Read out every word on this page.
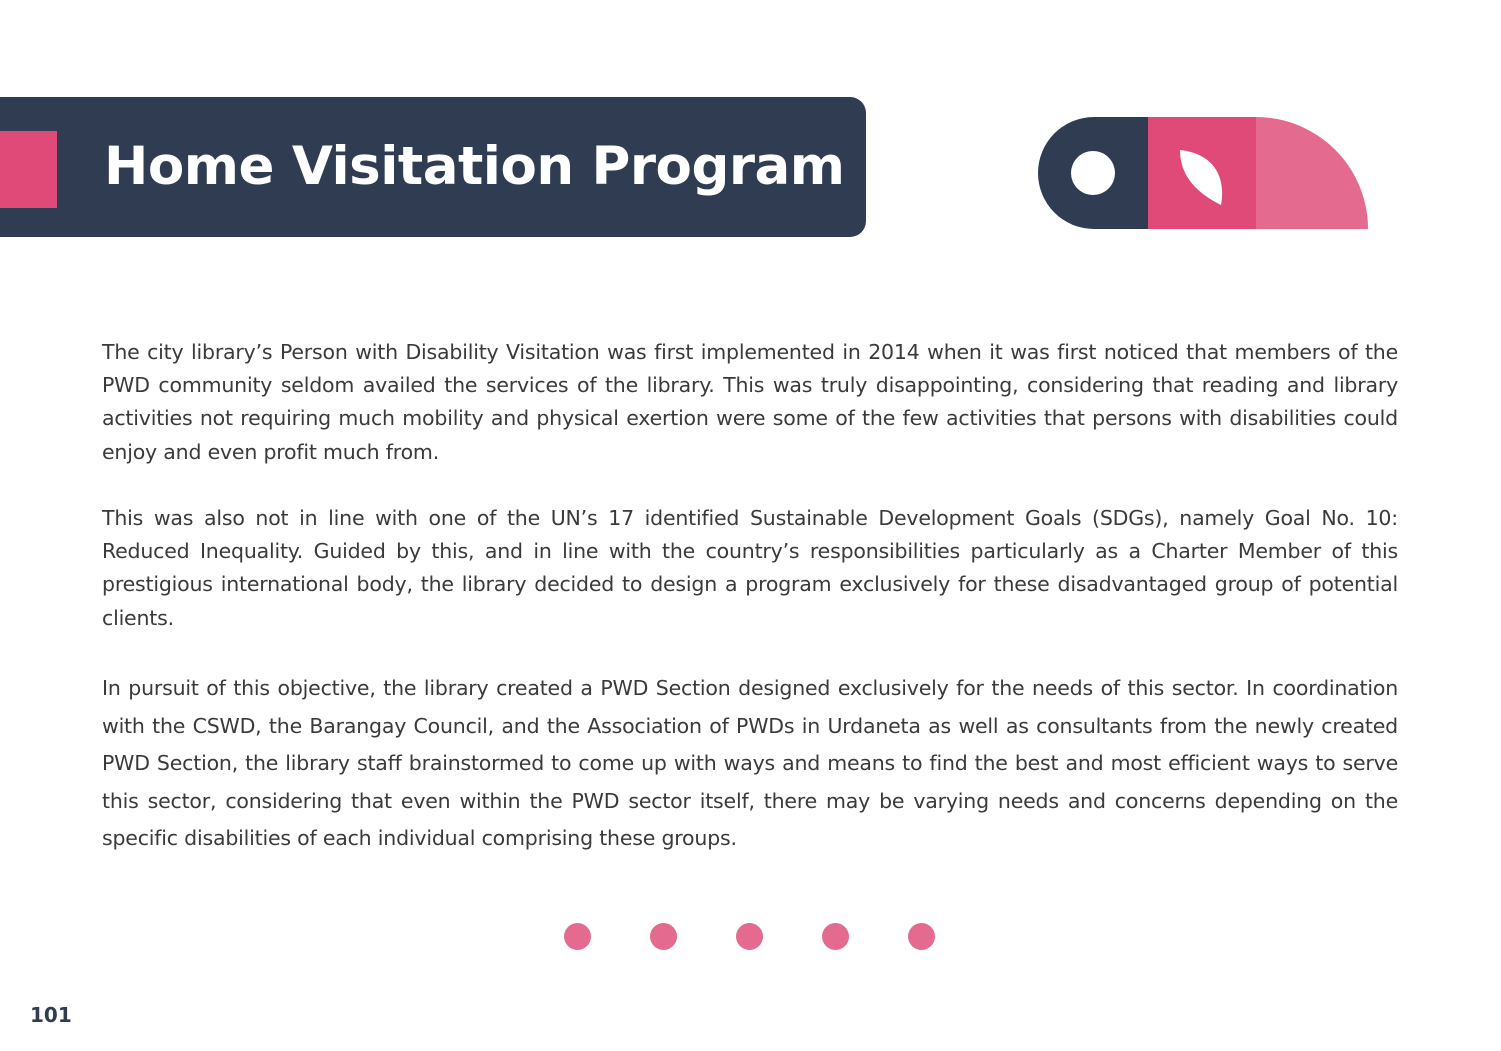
Home Visitation Program

The city library’s Person with Disability Visitation was first implemented in 2014 when it was first noticed that members of the PWD community seldom availed the services of the library. This was truly disappointing, considering that reading and library activities not requiring much mobility and physical exertion were some of the few activities that persons with disabilities could enjoy and even profit much from.

This was also not in line with one of the UN’s 17 identified Sustainable Development Goals (SDGs), namely Goal No. 10: Reduced Inequality. Guided by this, and in line with the country’s responsibilities particularly as a Charter Member of this prestigious international body, the library decided to design a program exclusively for these disadvantaged group of potential clients.

In pursuit of this objective, the library created a PWD Section designed exclusively for the needs of this sector. In coordination with the CSWD, the Barangay Council, and the Association of PWDs in Urdaneta as well as consultants from the newly created PWD Section, the library staff brainstormed to come up with ways and means to find the best and most efficient ways to serve this sector, considering that even within the PWD sector itself, there may be varying needs and concerns depending on the specific disabilities of each individual comprising these groups.

101
